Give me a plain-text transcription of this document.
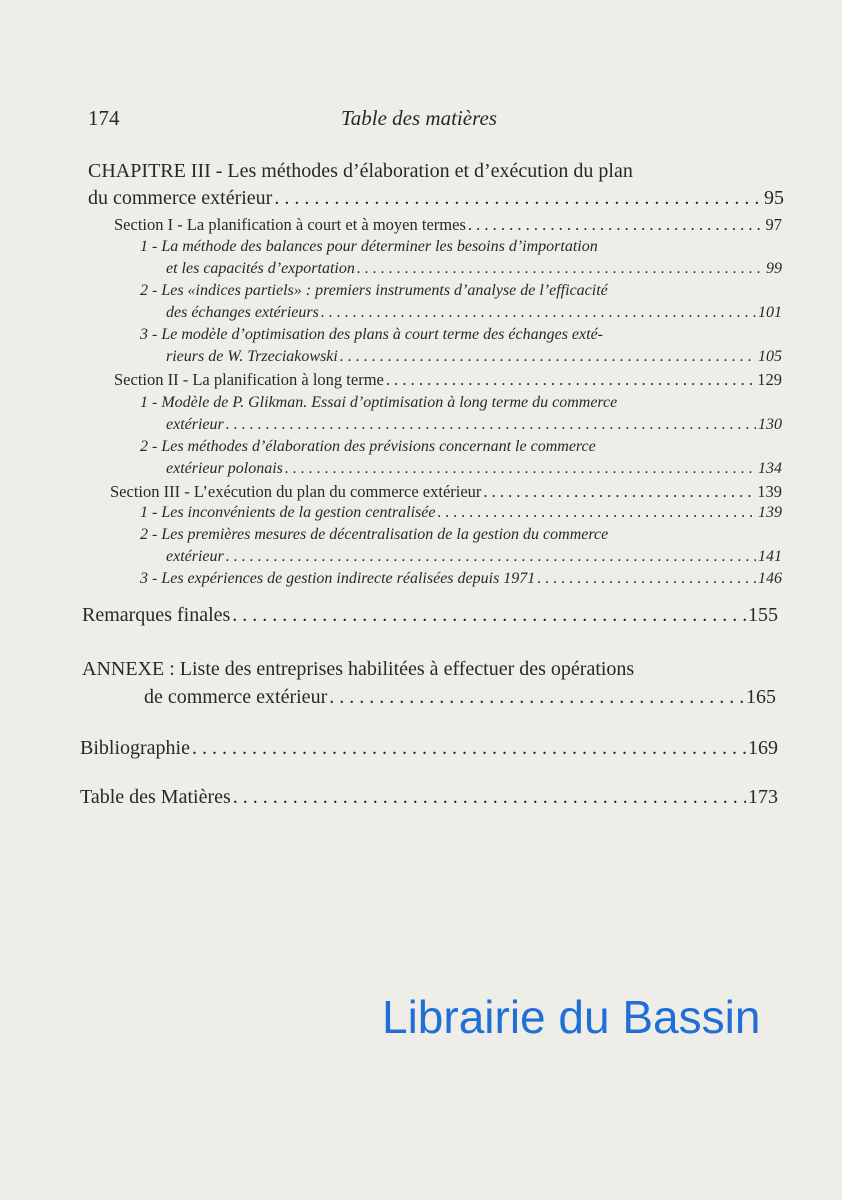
174	Table des matières
CHAPITRE III - Les méthodes d’élaboration et d’exécution du plan
du commerce extérieur . . .	95
Section I - La planification à court et à moyen termes . . .	97
1 - La méthode des balances pour déterminer les besoins d’importation
et les capacités d’exportation . . .	99
2 - Les «indices partiels» : premiers instruments d’analyse de l’efficacité
des échanges extérieurs . . .	101
3 - Le modèle d’optimisation des plans à court terme des échanges exté-
rieurs de W. Trzeciakowski . . .	105
Section II - La planification à long terme . . .	129
1 - Modèle de P. Glikman. Essai d’optimisation à long terme du commerce
extérieur . . .	130
2 - Les méthodes d’élaboration des prévisions concernant le commerce
extérieur polonais . . .	134
Section III - L’exécution du plan du commerce extérieur . . .	139
1 - Les inconvénients de la gestion centralisée . . .	139
2 - Les premières mesures de décentralisation de la gestion du commerce
extérieur . . .	141
3 - Les expériences de gestion indirecte réalisées depuis 1971 . . .	146
Remarques finales . . .	155
ANNEXE : Liste des entreprises habilitées à effectuer des opérations
de commerce extérieur . . .	165
Bibliographie . . .	169
Table des Matières . . .	173
Librairie du Bassin
